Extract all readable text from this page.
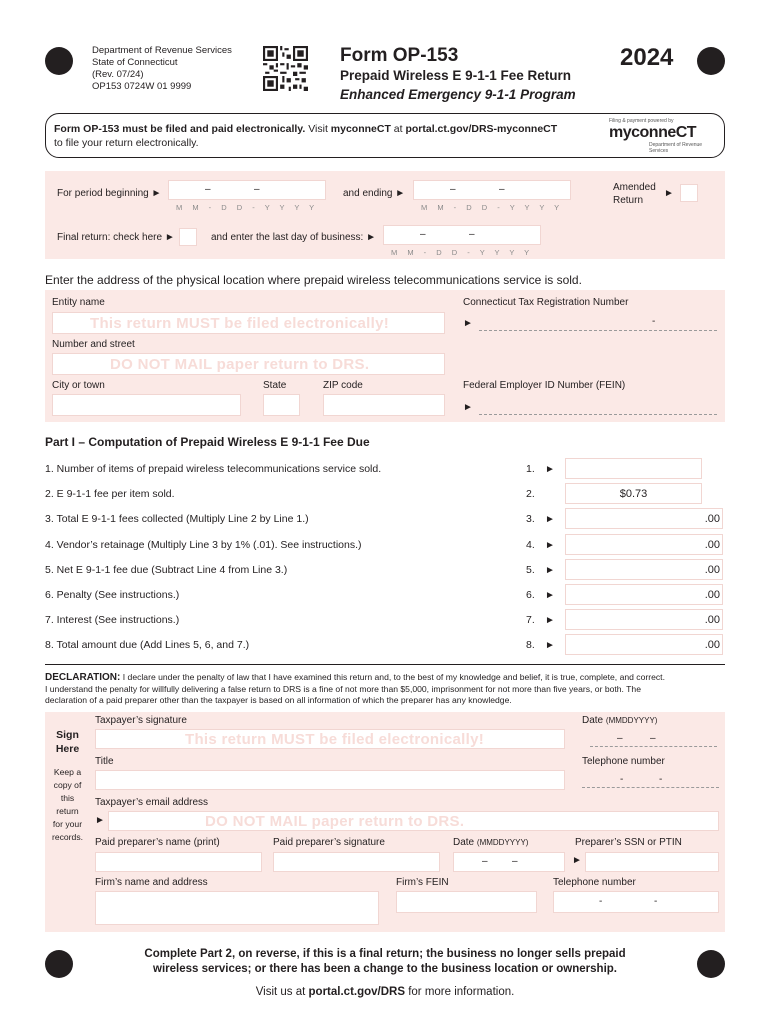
Department of Revenue Services
State of Connecticut
(Rev. 07/24)
OP153 0724W 01 9999
Form OP-153
Prepaid Wireless E 9-1-1 Fee Return
Enhanced Emergency 9-1-1 Program
2024
Form OP-153 must be filed and paid electronically. Visit myconneCT at portal.ct.gov/DRS-myconneCT
to file your return electronically.
Filing & payment powered by
myconneCT
Department of Revenue Services
For period beginning ►	–	–
M M - D D - Y Y Y Y
and ending ►	–	–
M M - D D - Y Y Y Y
Amended
Return
►
Final return: check here ►	and enter the last day of business: ►	–	–
M M - D D - Y Y Y Y
Enter the address of the physical location where prepaid wireless telecommunications service is sold.
Entity name
This return MUST be filed electronically!
Connecticut Tax Registration Number
►	-
Number and street
DO NOT MAIL paper return to DRS.
City or town	State	ZIP code	Federal Employer ID Number (FEIN)
►
Part I – Computation of Prepaid Wireless E 9-1-1 Fee Due
1. Number of items of prepaid wireless telecommunications service sold.	1. ►
2. E 9-1-1 fee per item sold.	2.	$0.73
3. Total E 9-1-1 fees collected (Multiply Line 2 by Line 1.)	3. ►	.00
4. Vendor’s retainage (Multiply Line 3 by 1% (.01). See instructions.)	4. ►	.00
5. Net E 9-1-1 fee due (Subtract Line 4 from Line 3.)	5. ►	.00
6. Penalty (See instructions.)	6. ►	.00
7. Interest (See instructions.)	7. ►	.00
8. Total amount due (Add Lines 5, 6, and 7.)	8. ►	.00
DECLARATION: I declare under the penalty of law that I have examined this return and, to the best of my knowledge and belief, it is true, complete, and correct.
I understand the penalty for willfully delivering a false return to DRS is a fine of not more than $5,000, imprisonment for not more than five years, or both. The
declaration of a paid preparer other than the taxpayer is based on all information of which the preparer has any knowledge.
Sign
Here
Keep a
copy of
this
return
for your
records.
Taxpayer’s signature
This return MUST be filed electronically!
Date (MMDDYYYY)
–	–
Title	Telephone number
-	-
Taxpayer’s email address
►	DO NOT MAIL paper return to DRS.
Paid preparer’s name (print)	Paid preparer’s signature	Date (MMDDYYYY)
– –
Preparer’s SSN or PTIN
►
Firm’s name and address	Firm’s FEIN	Telephone number
-	-
Complete Part 2, on reverse, if this is a final return; the business no longer sells prepaid
wireless services; or there has been a change to the business location or ownership.
Visit us at portal.ct.gov/DRS for more information.
